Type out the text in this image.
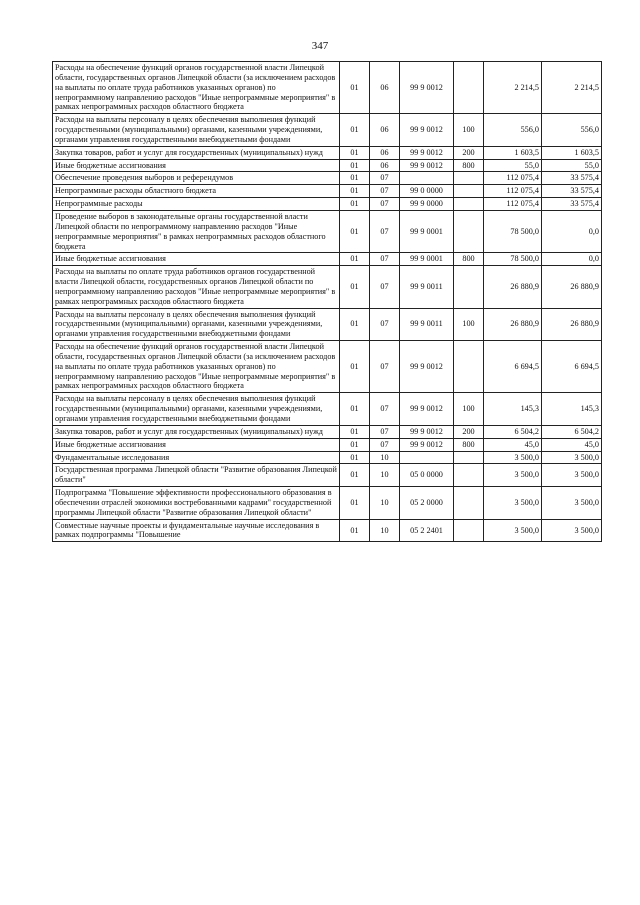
347
Расходы на обеспечение функций органов государственной власти Липецкой области, государственных органов Липецкой области (за исключением расходов на выплаты по оплате труда работников указанных органов) по непрограммному направлению расходов "Иные непрограммные мероприятия" в рамках непрограммных расходов областного бюджета	01	06	99 9 0012		2 214,5	2 214,5
Расходы на выплаты персоналу в целях обеспечения выполнения функций государственными (муниципальными) органами, казенными учреждениями, органами управления государственными внебюджетными фондами	01	06	99 9 0012	100	556,0	556,0
Закупка товаров, работ и услуг для государственных (муниципальных) нужд	01	06	99 9 0012	200	1 603,5	1 603,5
Иные бюджетные ассигнования	01	06	99 9 0012	800	55,0	55,0
Обеспечение проведения выборов и референдумов	01	07			112 075,4	33 575,4
Непрограммные расходы областного бюджета	01	07	99 0 0000		112 075,4	33 575,4
Непрограммные расходы	01	07	99 9 0000		112 075,4	33 575,4
Проведение выборов в законодательные органы государственной власти Липецкой области по непрограммному направлению расходов "Иные непрограммные мероприятия" в рамках непрограммных расходов областного бюджета	01	07	99 9 0001		78 500,0	0,0
Иные бюджетные ассигнования	01	07	99 9 0001	800	78 500,0	0,0
Расходы на выплаты по оплате труда работников органов государственной власти Липецкой области, государственных органов Липецкой области по непрограммному направлению расходов "Иные непрограммные мероприятия" в рамках непрограммных расходов областного бюджета	01	07	99 9 0011		26 880,9	26 880,9
Расходы на выплаты персоналу в целях обеспечения выполнения функций государственными (муниципальными) органами, казенными учреждениями, органами управления государственными внебюджетными фондами	01	07	99 9 0011	100	26 880,9	26 880,9
Расходы на обеспечение функций органов государственной власти Липецкой области, государственных органов Липецкой области (за исключением расходов на выплаты по оплате труда работников указанных органов) по непрограммному направлению расходов "Иные непрограммные мероприятия" в рамках непрограммных расходов областного бюджета	01	07	99 9 0012		6 694,5	6 694,5
Расходы на выплаты персоналу в целях обеспечения выполнения функций государственными (муниципальными) органами, казенными учреждениями, органами управления государственными внебюджетными фондами	01	07	99 9 0012	100	145,3	145,3
Закупка товаров, работ и услуг для государственных (муниципальных) нужд	01	07	99 9 0012	200	6 504,2	6 504,2
Иные бюджетные ассигнования	01	07	99 9 0012	800	45,0	45,0
Фундаментальные исследования	01	10			3 500,0	3 500,0
Государственная программа Липецкой области "Развитие образования Липецкой области"	01	10	05 0 0000		3 500,0	3 500,0
Подпрограмма "Повышение эффективности профессионального образования в обеспечении отраслей экономики востребованными кадрами" государственной программы Липецкой области "Развитие образования Липецкой области"	01	10	05 2 0000		3 500,0	3 500,0
Совместные научные проекты и фундаментальные научные исследования в рамках подпрограммы "Повышение	01	10	05 2 2401		3 500,0	3 500,0
